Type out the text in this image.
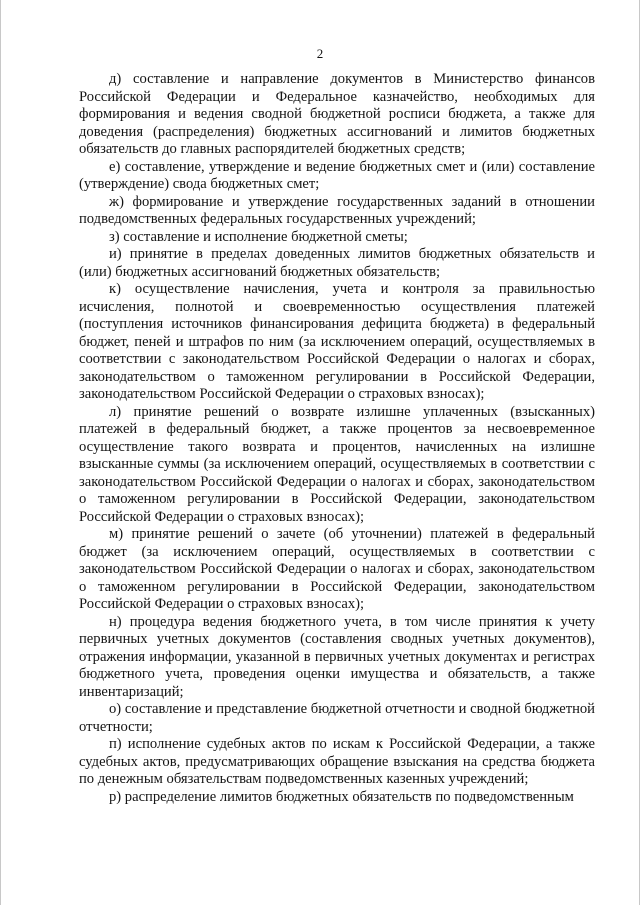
2

д) составление и направление документов в Министерство финансов Российской Федерации и Федеральное казначейство, необходимых для формирования и ведения сводной бюджетной росписи бюджета, а также для доведения (распределения) бюджетных ассигнований и лимитов бюджетных обязательств до главных распорядителей бюджетных средств;

е) составление, утверждение и ведение бюджетных смет и (или) составление (утверждение) свода бюджетных смет;

ж) формирование и утверждение государственных заданий в отношении подведомственных федеральных государственных учреждений;

з) составление и исполнение бюджетной сметы;

и) принятие в пределах доведенных лимитов бюджетных обязательств и (или) бюджетных ассигнований бюджетных обязательств;

к) осуществление начисления, учета и контроля за правильностью исчисления, полнотой и своевременностью осуществления платежей (поступления источников финансирования дефицита бюджета) в федеральный бюджет, пеней и штрафов по ним (за исключением операций, осуществляемых в соответствии с законодательством Российской Федерации о налогах и сборах, законодательством о таможенном регулировании в Российской Федерации, законодательством Российской Федерации о страховых взносах);

л) принятие решений о возврате излишне уплаченных (взысканных) платежей в федеральный бюджет, а также процентов за несвоевременное осуществление такого возврата и процентов, начисленных на излишне взысканные суммы (за исключением операций, осуществляемых в соответствии с законодательством Российской Федерации о налогах и сборах, законодательством о таможенном регулировании в Российской Федерации, законодательством Российской Федерации о страховых взносах);

м) принятие решений о зачете (об уточнении) платежей в федеральный бюджет (за исключением операций, осуществляемых в соответствии с законодательством Российской Федерации о налогах и сборах, законодательством о таможенном регулировании в Российской Федерации, законодательством Российской Федерации о страховых взносах);

н) процедура ведения бюджетного учета, в том числе принятия к учету первичных учетных документов (составления сводных учетных документов), отражения информации, указанной в первичных учетных документах и регистрах бюджетного учета, проведения оценки имущества и обязательств, а также инвентаризаций;

о) составление и представление бюджетной отчетности и сводной бюджетной отчетности;

п) исполнение судебных актов по искам к Российской Федерации, а также судебных актов, предусматривающих обращение взыскания на средства бюджета по денежным обязательствам подведомственных казенных учреждений;

р) распределение лимитов бюджетных обязательств по подведомственным
